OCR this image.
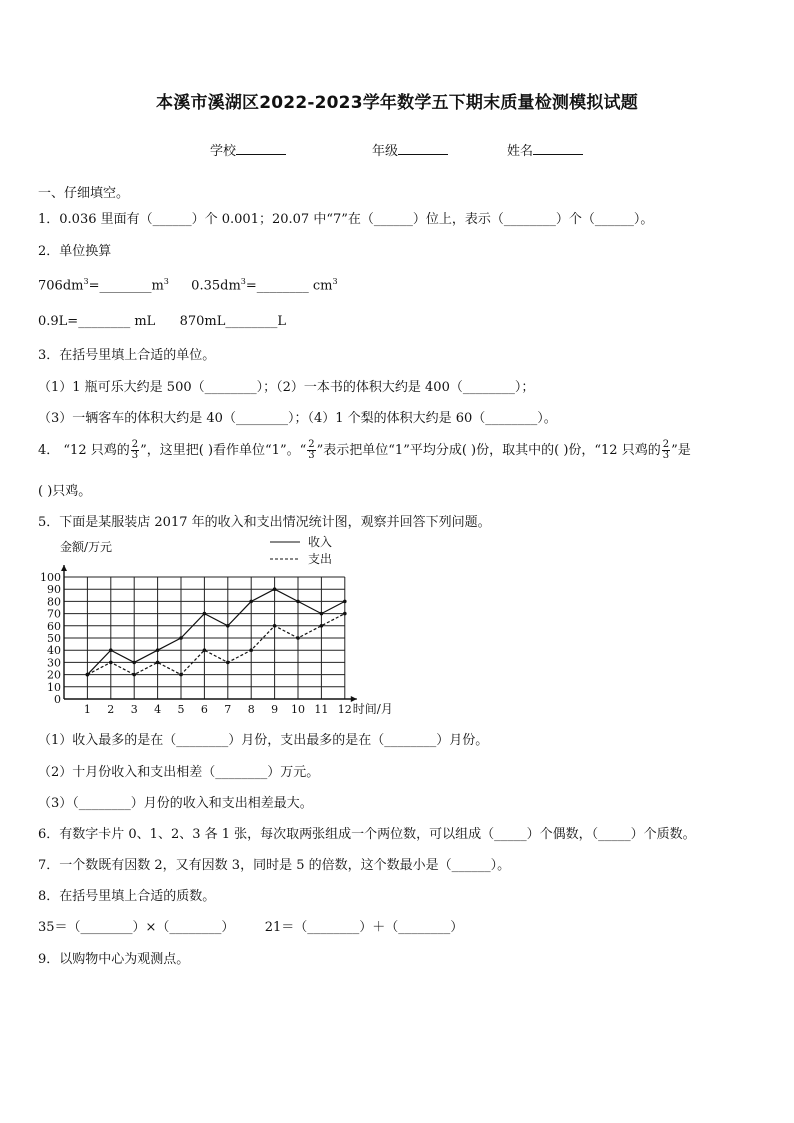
本溪市溪湖区2022-2023学年数学五下期末质量检测模拟试题
学校	年级	姓名
一、仔细填空。
1．0.036 里面有（______）个 0.001；20.07 中“7”在（______）位上，表示（________）个（______）。
2．单位换算
$706dm^3=\_\_\_\_\_\_\_\_m^3$ $0.35dm^3=\_\_\_\_\_\_\_\_$ $cm^3$
0.9L=________ mL 870mL________L
3．在括号里填上合适的单位。
（1）1 瓶可乐大约是 500（________）；（2）一本书的体积大约是 400（________）；
（3）一辆客车的体积大约是 40（________）；（4）1 个梨的体积大约是 60（________）。
4． “12 只鸡的 $\frac{2}{3}$ ”，这里把( )看作单位“1”。“ $\frac{2}{3}$ ”表示把单位“1”平均分成( )份，取其中的( )份，“12 只鸡的 $\frac{2}{3}$ ”是
( )只鸡。
5．下面是某服装店 2017 年的收入和支出情况统计图，观察并回答下列问题。
0
10
20
30
40
50
60
70
80
90
100
1 2 3 4 5 6 7 8 9 10 11 12
金额/万元
时间/月
收入
支出
（1）收入最多的是在（________）月份，支出最多的是在（________）月份。
（2）十月份收入和支出相差（________）万元。
（3）（________）月份的收入和支出相差最大。
6．有数字卡片 0、1、2、3 各 1 张，每次取两张组成一个两位数，可以组成（_____）个偶数，（_____）个质数。
7．一个数既有因数 2，又有因数 3，同时是 5 的倍数，这个数最小是（______）。
8．在括号里填上合适的质数。
35＝（________）×（________） 21＝（________）＋（________）
9．以购物中心为观测点。
